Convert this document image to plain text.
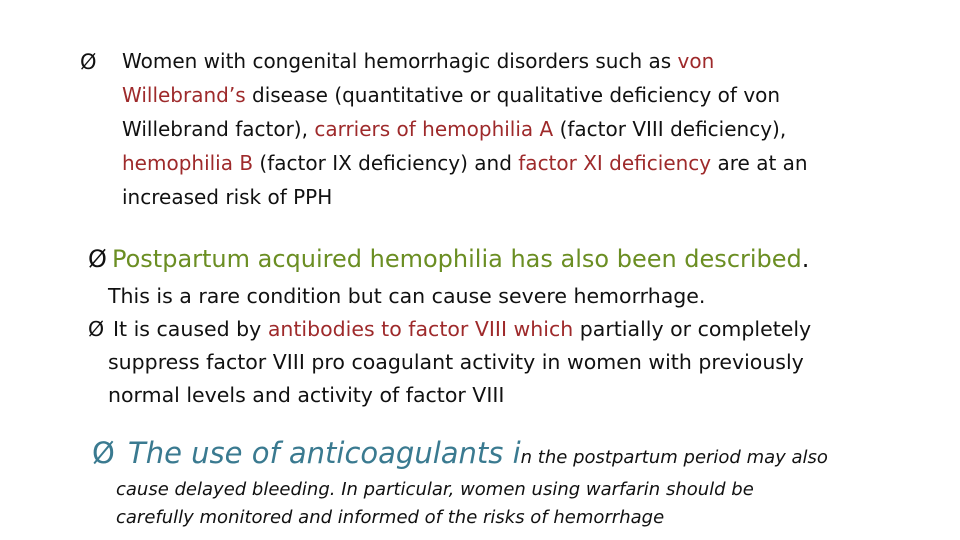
Ø Women with congenital hemorrhagic disorders such as von
Willebrand’s disease (quantitative or qualitative deficiency of von
Willebrand factor), carriers of hemophilia A (factor VIII deficiency),
hemophilia B (factor IX deficiency) and factor XI deficiency are at an
increased risk of PPH
Ø Postpartum acquired hemophilia has also been described.
This is a rare condition but can cause severe hemorrhage.
Ø It is caused by antibodies to factor VIII which partially or completely
suppress factor VIII pro coagulant activity in women with previously
normal levels and activity of factor VIII
Ø The use of anticoagulants in the postpartum period may also
cause delayed bleeding. In particular, women using warfarin should be
carefully monitored and informed of the risks of hemorrhage
